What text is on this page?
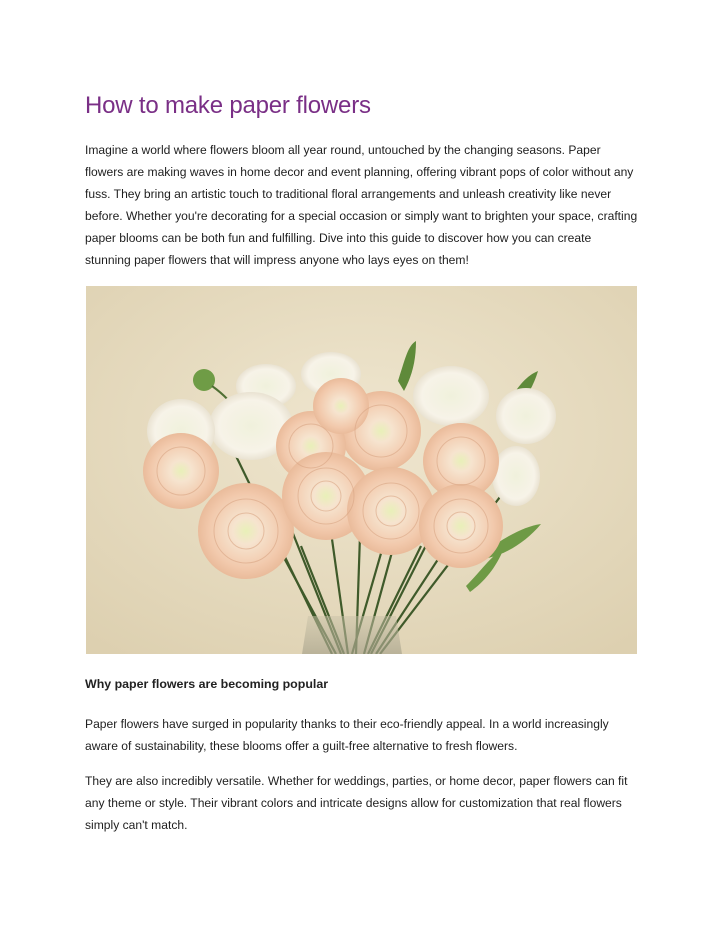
How to make paper flowers

Imagine a world where flowers bloom all year round, untouched by the changing seasons. Paper flowers are making waves in home decor and event planning, offering vibrant pops of color without any fuss. They bring an artistic touch to traditional floral arrangements and unleash creativity like never before. Whether you're decorating for a special occasion or simply want to brighten your space, crafting paper blooms can be both fun and fulfilling. Dive into this guide to discover how you can create stunning paper flowers that will impress anyone who lays eyes on them!

Why paper flowers are becoming popular

Paper flowers have surged in popularity thanks to their eco-friendly appeal. In a world increasingly aware of sustainability, these blooms offer a guilt-free alternative to fresh flowers.

They are also incredibly versatile. Whether for weddings, parties, or home decor, paper flowers can fit any theme or style. Their vibrant colors and intricate designs allow for customization that real flowers simply can't match.
